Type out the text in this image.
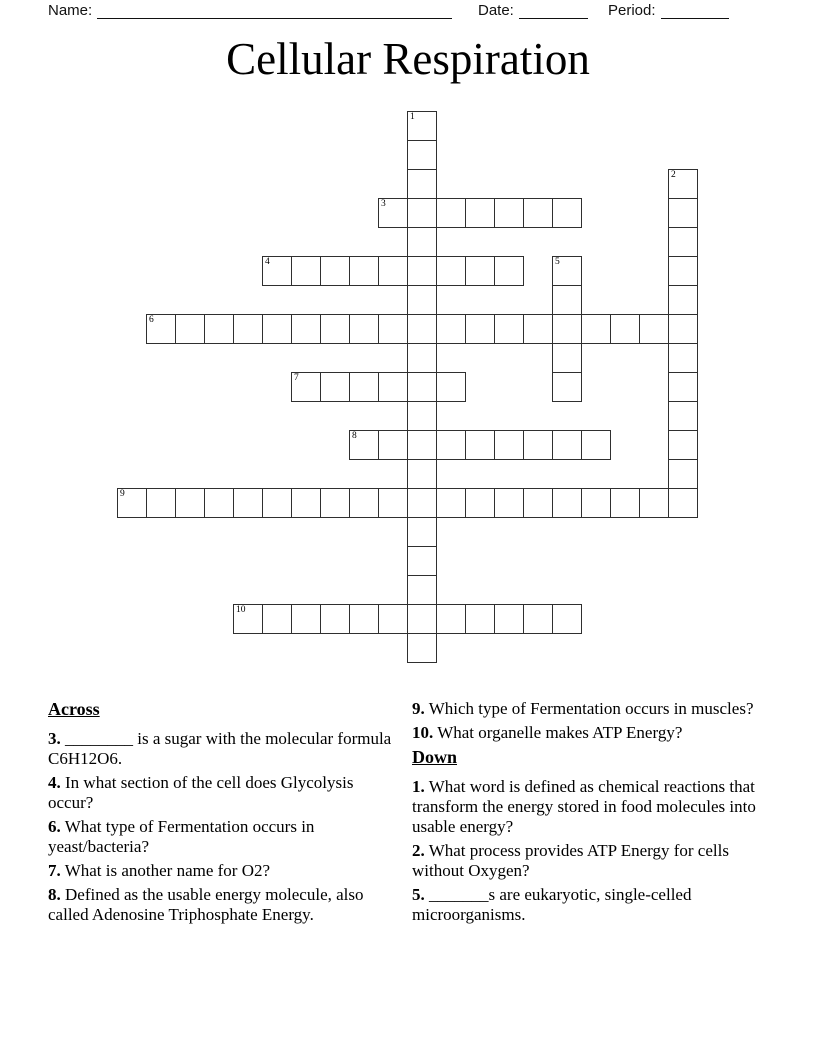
Name:	Date:	Period:
Cellular Respiration
1
2
3
4	5
6
7
8
9
10
Across
3. ________ is a sugar with the molecular formula C6H12O6.
4. In what section of the cell does Glycolysis occur?
6. What type of Fermentation occurs in yeast/bacteria?
7. What is another name for O2?
8. Defined as the usable energy molecule, also called Adenosine Triphosphate Energy.
9. Which type of Fermentation occurs in muscles?
10. What organelle makes ATP Energy?
Down
1. What word is defined as chemical reactions that transform the energy stored in food molecules into usable energy?
2. What process provides ATP Energy for cells without Oxygen?
5. _______s are eukaryotic, single-celled microorganisms.
